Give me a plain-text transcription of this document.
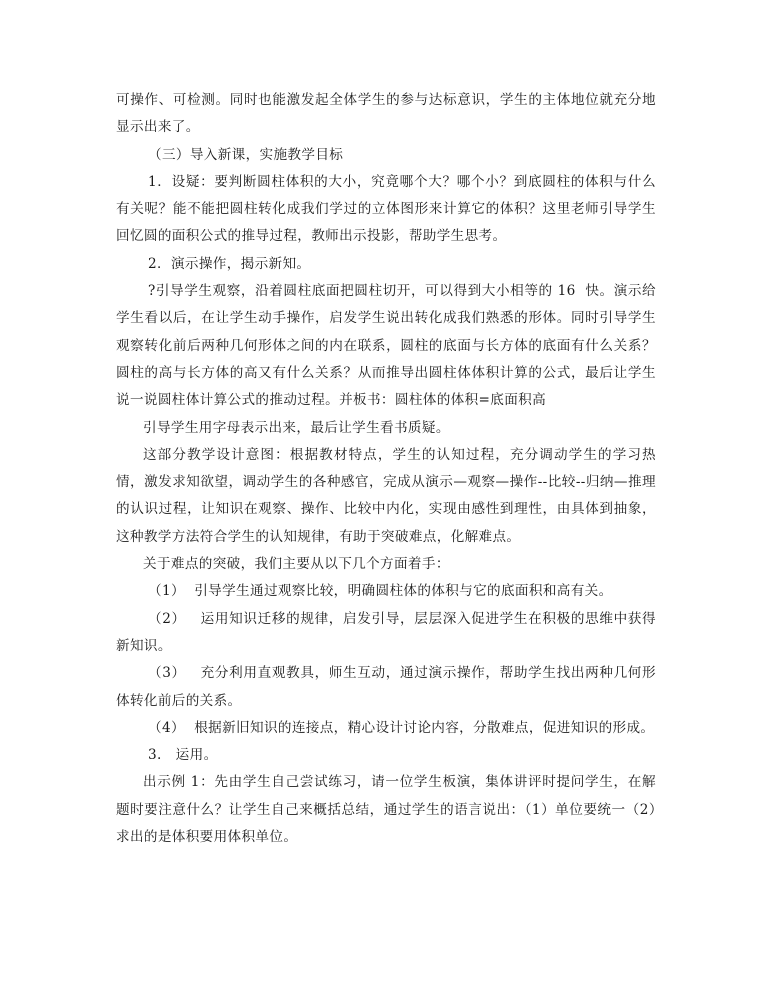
可操作、可检测。同时也能激发起全体学生的参与达标意识，学生的主体地位就充分地显示出来了。

（三）导入新课，实施教学目标

1．设疑：要判断圆柱体积的大小，究竟哪个大？哪个小？到底圆柱的体积与什么有关呢？能不能把圆柱转化成我们学过的立体图形来计算它的体积？这里老师引导学生回忆圆的面积公式的推导过程，教师出示投影，帮助学生思考。

2．演示操作，揭示新知。

?引导学生观察，沿着圆柱底面把圆柱切开，可以得到大小相等的 16  快。演示给学生看以后，在让学生动手操作，启发学生说出转化成我们熟悉的形体。同时引导学生观察转化前后两种几何形体之间的内在联系，圆柱的底面与长方体的底面有什么关系？圆柱的高与长方体的高又有什么关系？从而推导出圆柱体体积计算的公式，最后让学生说一说圆柱体计算公式的推动过程。并板书：圆柱体的体积=底面积高

引导学生用字母表示出来，最后让学生看书质疑。

这部分教学设计意图：根据教材特点，学生的认知过程，充分调动学生的学习热情，激发求知欲望，调动学生的各种感官，完成从演示—观察—操作--比较--归纳—推理的认识过程，让知识在观察、操作、比较中内化，实现由感性到理性，由具体到抽象，这种教学方法符合学生的认知规律，有助于突破难点，化解难点。

关于难点的突破，我们主要从以下几个方面着手：

（1）  引导学生通过观察比较，明确圆柱体的体积与它的底面积和高有关。

（2）   运用知识迁移的规律，启发引导，层层深入促进学生在积极的思维中获得新知识。

（3）   充分利用直观教具，师生互动，通过演示操作，帮助学生找出两种几何形体转化前后的关系。

（4）  根据新旧知识的连接点，精心设计讨论内容，分散难点，促进知识的形成。

3.   运用。

出示例 1：先由学生自己尝试练习，请一位学生板演，集体讲评时提问学生，在解题时要注意什么？让学生自己来概括总结，通过学生的语言说出：（1）单位要统一（2）求出的是体积要用体积单位。
